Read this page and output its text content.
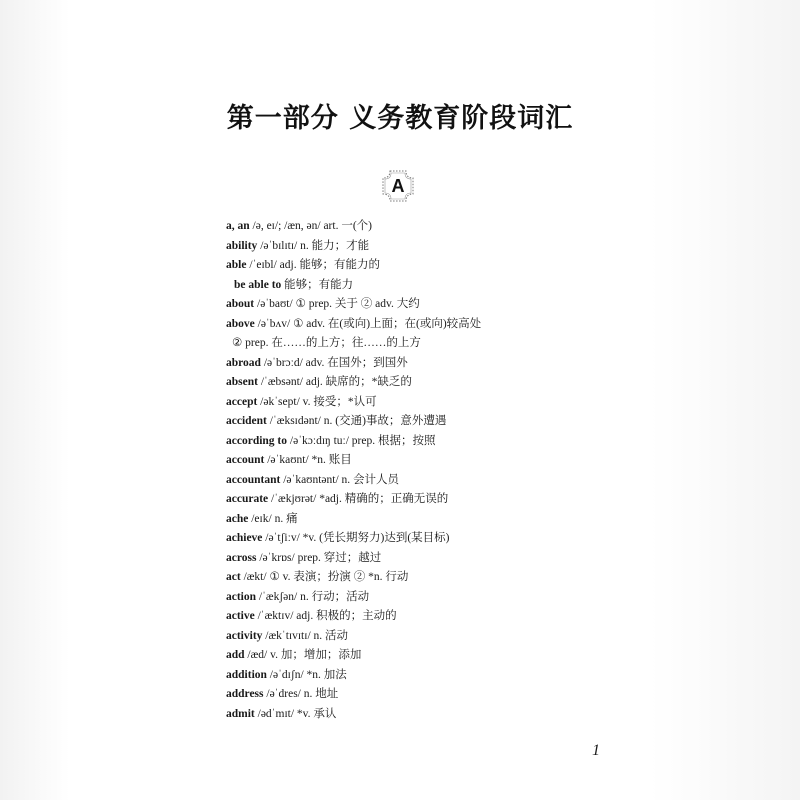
第一部分 义务教育阶段词汇
A
a, an /ə, eɪ/; /æn, ən/ art. 一(个)
ability /əˈbɪlɪtɪ/ n. 能力；才能
able /ˈeɪbl/ adj. 能够；有能力的
be able to 能够；有能力
about /əˈbaʊt/ ① prep. 关于 ② adv. 大约
above /əˈbʌv/ ① adv. 在(或向)上面；在(或向)较高处
② prep. 在……的上方；往……的上方
abroad /əˈbrɔːd/ adv. 在国外；到国外
absent /ˈæbsənt/ adj. 缺席的；*缺乏的
accept /əkˈsept/ v. 接受；*认可
accident /ˈæksɪdənt/ n. (交通)事故；意外遭遇
according to /əˈkɔːdɪŋ tuː/ prep. 根据；按照
account /əˈkaʊnt/ *n. 账目
accountant /əˈkaʊntənt/ n. 会计人员
accurate /ˈækjʊrət/ *adj. 精确的；正确无误的
ache /eɪk/ n. 痛
achieve /əˈtʃiːv/ *v. (凭长期努力)达到(某目标)
across /əˈkrɒs/ prep. 穿过；越过
act /ækt/ ① v. 表演；扮演 ② *n. 行动
action /ˈækʃən/ n. 行动；活动
active /ˈæktɪv/ adj. 积极的；主动的
activity /ækˈtɪvɪtɪ/ n. 活动
add /æd/ v. 加；增加；添加
addition /əˈdɪʃn/ *n. 加法
address /əˈdres/ n. 地址
admit /ədˈmɪt/ *v. 承认
1
